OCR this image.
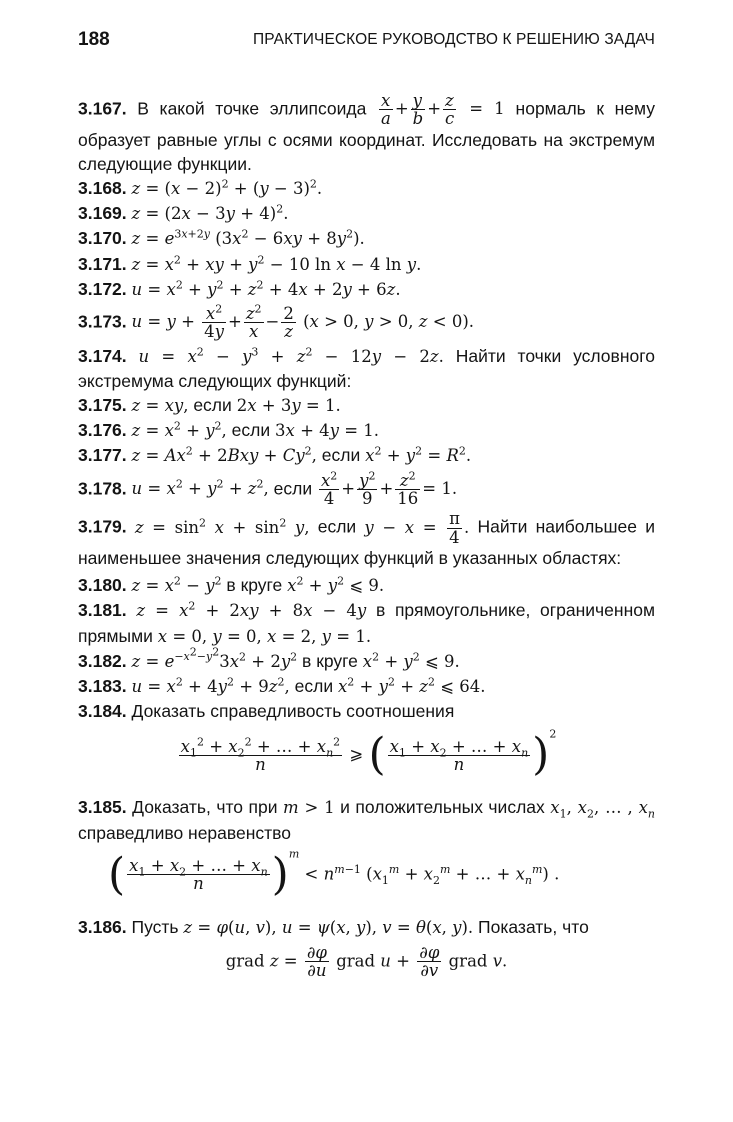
188	ПРАКТИЧЕСКОЕ РУКОВОДСТВО К РЕШЕНИЮ ЗАДАЧ

3.167. В какой точке эллипсоида $\frac{x}{a} + \frac{y}{b} + \frac{z}{c} = 1$ нормаль к нему образует равные углы с осями координат. Исследовать на экстремум следующие функции.

3.168. $z = (x - 2)^2 + (y - 3)^2$.

3.169. $z = (2x - 3y + 4)^2$.

3.170. $z = e^{3x+2y}$ $(3x^2 - 6xy + 8y^2)$.

3.171. $z = x^2$ + xy + $y^2 - 10$ ln x − 4 ln y.

3.172. $u = x^2 + y^2 + z^2 + 4x + 2y + 6z$.

3.173. $u = y + \frac{x^2}{4y} + \frac{z^2}{x} - \frac{2}{z} (x > 0$, y > 0, z < 0).

3.174. $u = x^2 - y^3 + z^2 - 12y - 2z$. Найти точки условного экстремума следующих функций:

3.175. z = xy, если 2x + 3y = 1.

3.176. $z = x^2 + y^2$, если 3x + 4y = 1.

3.177. $z = Ax^2 + 2Bxy + Cy^2$, если $x^2 + y^2 = R^2$.

3.178. $u = x^2 + y^2 + z^2$, если $\frac{x^2}{4} + \frac{y^2}{9} + \frac{z^2}{16} = 1$.

3.179. $z = \sin^2 x + \sin^2 y$, если $y - x = \frac{\pi}{4}$ . Найти наибольшее и наименьшее значения следующих функций в указанных областях:

3.180. $z = x^2 - y^2$ в круге $x^2 + y^2$ ⩽ 9.

3.181. $z = x^2 + 2xy + 8x - 4y$ в прямоугольнике, ограниченном прямыми x = 0, y = 0, x = 2, y = 1.

3.182. $z = e^{-x^2-y^2}3x^2 + 2y^2$ в круге $x^2 + y^2$ ⩽ 9.

3.183. $u = x^2 + 4y^2 + 9z^2$, если $x^2 + y^2 + z^2$ ⩽ 64.

3.184. Доказать справедливость соотношения

$\frac{x_1^2 + x_2^2 + \dots + x_n^2}{n}$ ⩾ ( $\frac{x_1 + x_2 + \dots + x_n}{n} )^2$

3.185. Доказать, что при m > 1 и положительных числах $x_1$, $x_2$, … , $x_n$ справедливо неравенство

( $\frac{x_1 + x_2 + \dots + x_n}{n} )^m < n^{m-1}$ ($x_1^m + x_2^m$ + … + $x_n^m$) .

3.186. Пусть z = φ(u, v), u = ψ(x, y), v = θ(x, y). Показать, что

grad $z = \frac{\partial\varphi}{\partial u}$ grad $u + \frac{\partial\varphi}{\partial v}$ grad v.
